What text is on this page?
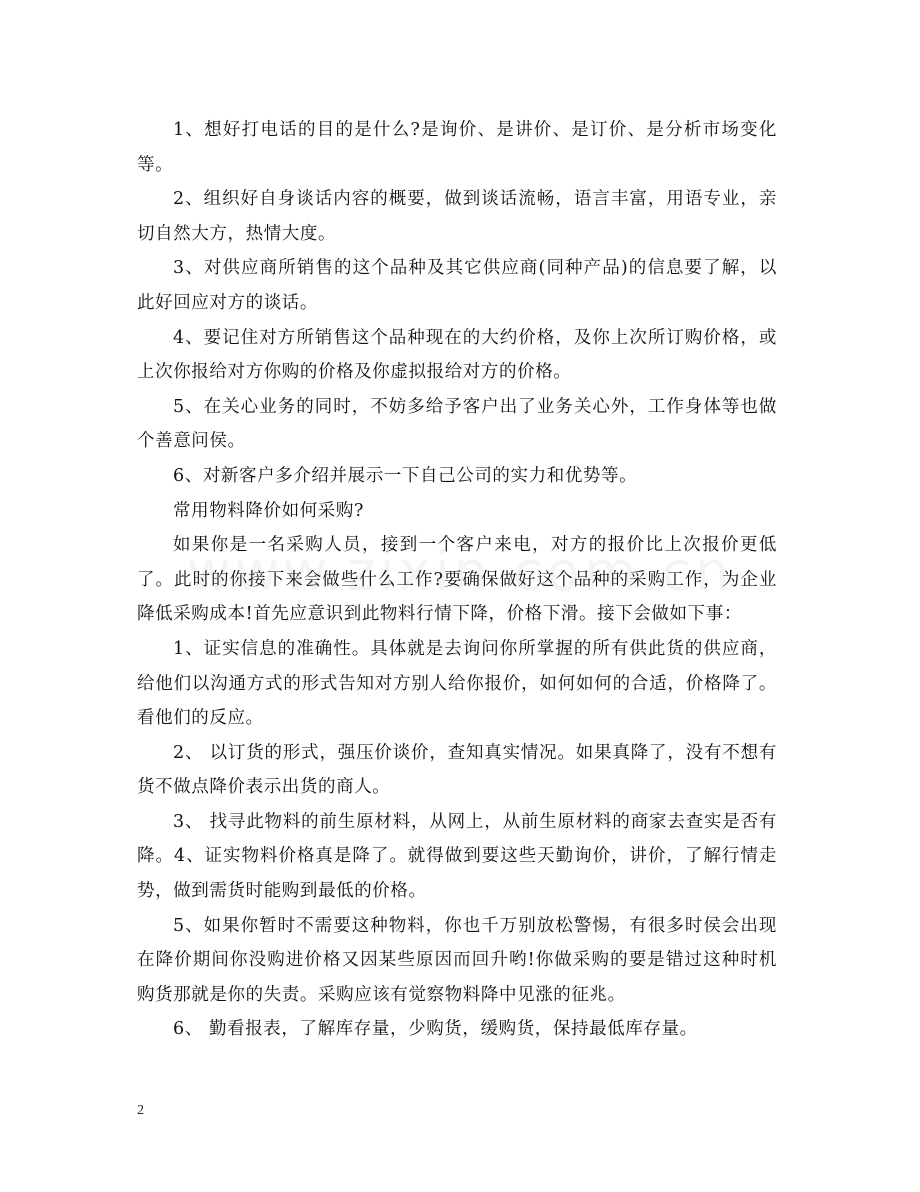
1、想好打电话的目的是什么?是询价、是讲价、是订价、是分析市场变化等。

2、组织好自身谈话内容的概要，做到谈话流畅，语言丰富，用语专业，亲切自然大方，热情大度。

3、对供应商所销售的这个品种及其它供应商(同种产品)的信息要了解，以此好回应对方的谈话。

4、要记住对方所销售这个品种现在的大约价格，及你上次所订购价格，或上次你报给对方你购的价格及你虚拟报给对方的价格。

5、在关心业务的同时，不妨多给予客户出了业务关心外，工作身体等也做个善意问侯。

6、对新客户多介绍并展示一下自己公司的实力和优势等。

常用物料降价如何采购?

如果你是一名采购人员，接到一个客户来电，对方的报价比上次报价更低了。此时的你接下来会做些什么工作?要确保做好这个品种的采购工作，为企业降低采购成本!首先应意识到此物料行情下降，价格下滑。接下会做如下事：

1、证实信息的准确性。具体就是去询问你所掌握的所有供此货的供应商，给他们以沟通方式的形式告知对方别人给你报价，如何如何的合适，价格降了。看他们的反应。

2、 以订货的形式，强压价谈价，查知真实情况。如果真降了，没有不想有货不做点降价表示出货的商人。

3、 找寻此物料的前生原材料，从网上，从前生原材料的商家去查实是否有降。4、证实物料价格真是降了。就得做到要这些天勤询价，讲价，了解行情走势，做到需货时能购到最低的价格。

5、如果你暂时不需要这种物料，你也千万别放松警惕，有很多时侯会出现在降价期间你没购进价格又因某些原因而回升哟!你做采购的要是错过这种时机购货那就是你的失责。采购应该有觉察物料降中见涨的征兆。

6、 勤看报表，了解库存量，少购货，缓购货，保持最低库存量。

2
